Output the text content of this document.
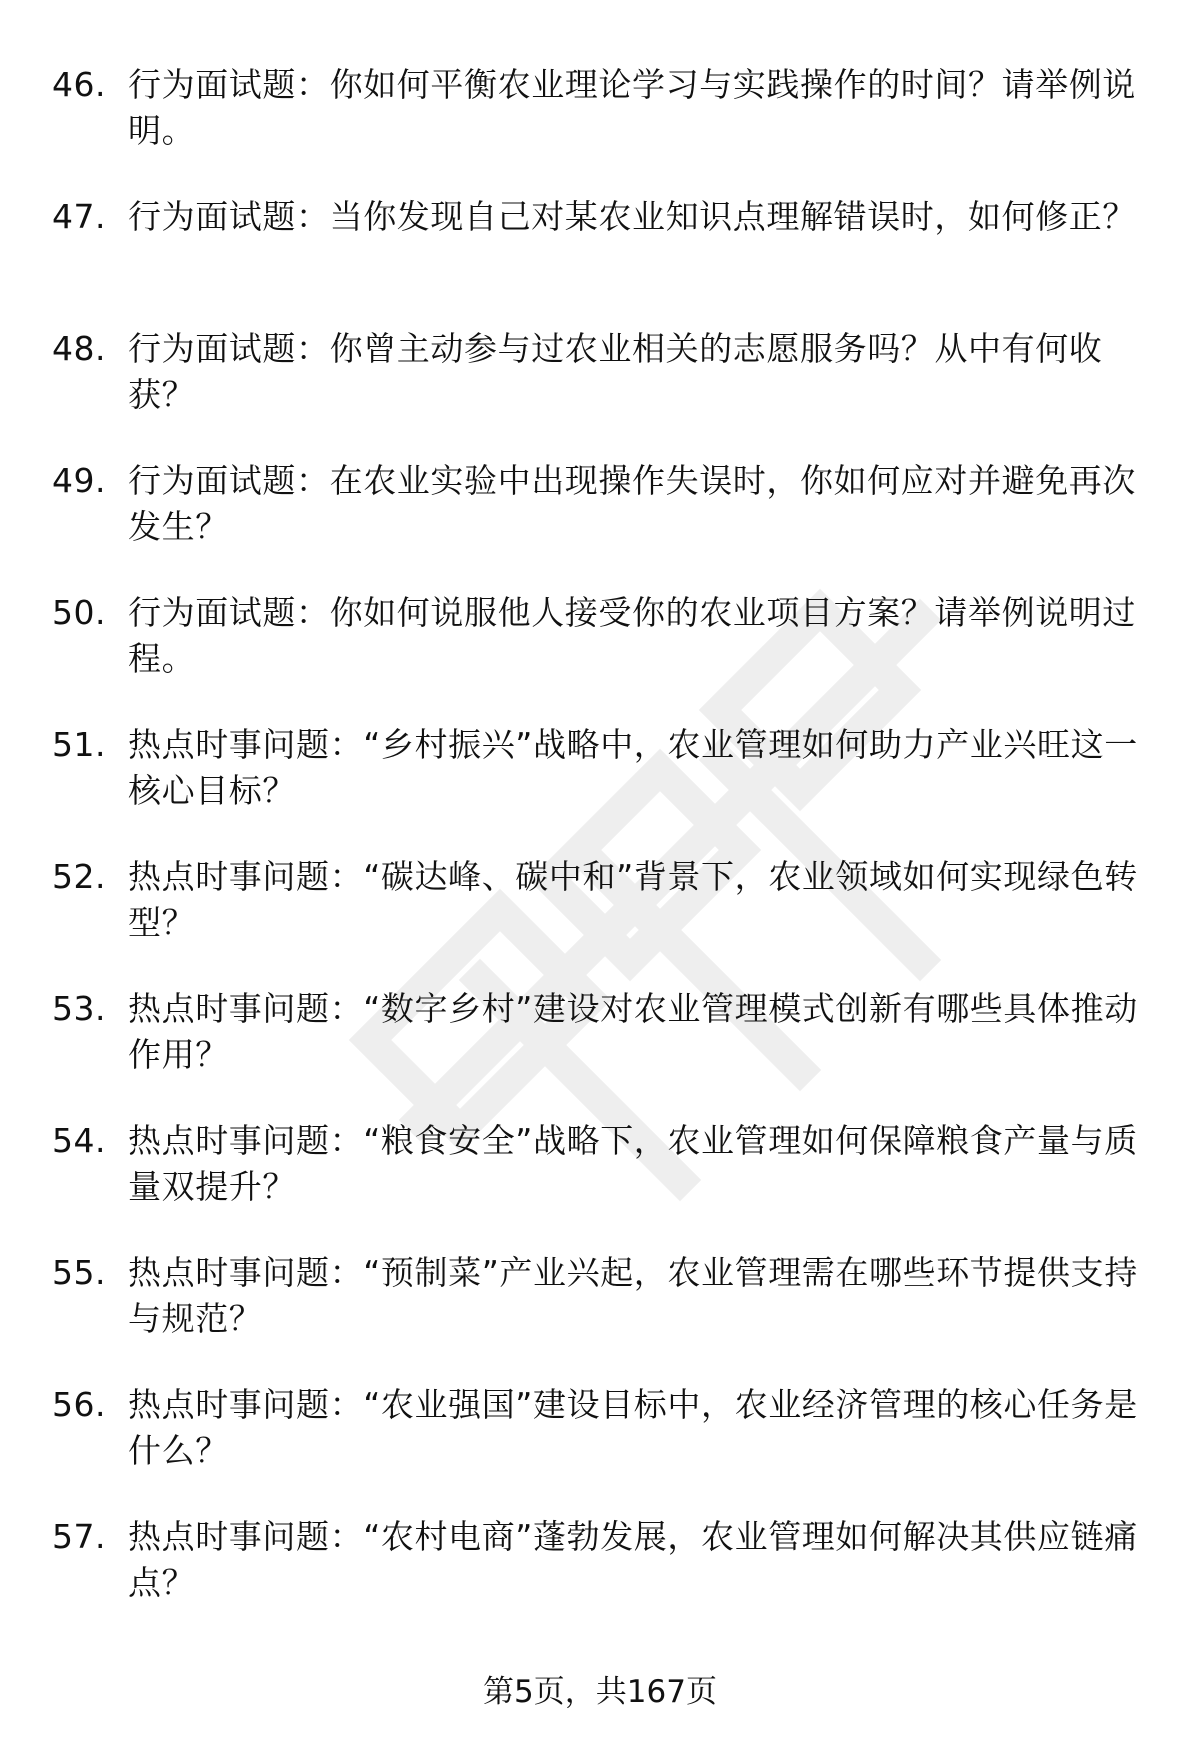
46. 行为面试题：你如何平衡农业理论学习与实践操作的时间？请举例说明。
47. 行为面试题：当你发现自己对某农业知识点理解错误时，如何修正？
48. 行为面试题：你曾主动参与过农业相关的志愿服务吗？从中有何收获？
49. 行为面试题：在农业实验中出现操作失误时，你如何应对并避免再次发生？
50. 行为面试题：你如何说服他人接受你的农业项目方案？请举例说明过程。
51. 热点时事问题：“乡村振兴”战略中，农业管理如何助力产业兴旺这一核心目标？
52. 热点时事问题：“碳达峰、碳中和”背景下，农业领域如何实现绿色转型？
53. 热点时事问题：“数字乡村”建设对农业管理模式创新有哪些具体推动作用？
54. 热点时事问题：“粮食安全”战略下，农业管理如何保障粮食产量与质量双提升？
55. 热点时事问题：“预制菜”产业兴起，农业管理需在哪些环节提供支持与规范？
56. 热点时事问题：“农业强国”建设目标中，农业经济管理的核心任务是什么？
57. 热点时事问题：“农村电商”蓬勃发展，农业管理如何解决其供应链痛点？
第5页，共167页
